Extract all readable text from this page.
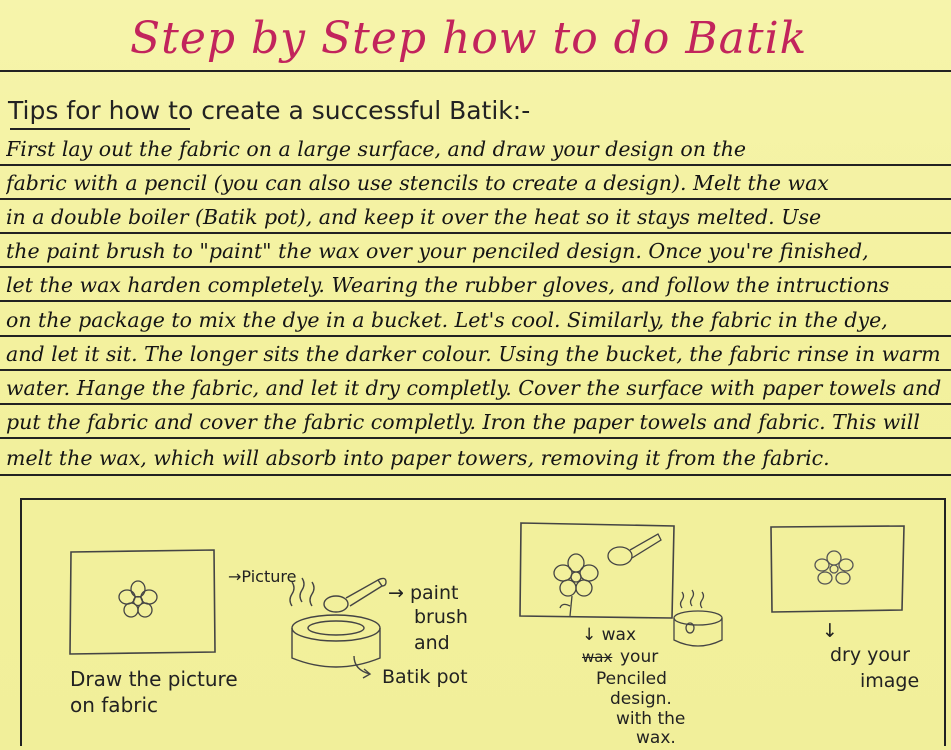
Step by Step how to do Batik
Tips for how to create a successful Batik:-
First lay out the fabric on a large surface, and draw your design on the
fabric with a pencil (you can also use stencils to create a design). Melt the wax
in a double boiler (Batik pot), and keep it over the heat so it stays melted. Use
the paint brush to "paint" the wax over your penciled design. Once you're finished,
let the wax harden completely. Wearing the rubber gloves, and follow the intructions
on the package to mix the dye in a bucket. Let's cool. Similarly, the fabric in the dye,
and let it sit. The longer sits the darker colour. Using the bucket, the fabric rinse in warm
water. Hange the fabric, and let it dry completly. Cover the surface with paper towels and
put the fabric and cover the fabric completly. Iron the paper towels and fabric. This will
melt the wax, which will absorb into paper towers, removing it from the fabric.
→Picture
Draw the picture
on fabric
→ paint
brush
and
Batik pot
↓ wax
wax your
Penciled
design.
with the
wax.
↓
dry your
image
